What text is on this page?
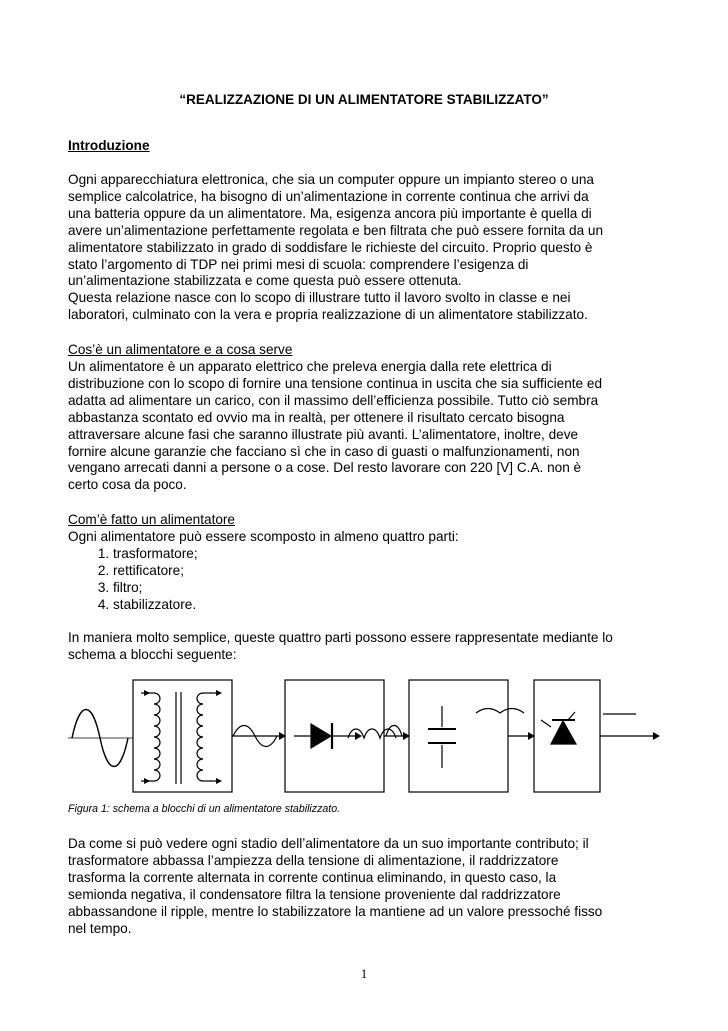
“REALIZZAZIONE DI UN ALIMENTATORE STABILIZZATO”
Introduzione

Ogni apparecchiatura elettronica, che sia un computer oppure un impianto stereo o una

semplice calcolatrice, ha bisogno di un’alimentazione in corrente continua che arrivi da

una batteria oppure da un alimentatore. Ma, esigenza ancora più importante è quella di

avere un’alimentazione perfettamente regolata e ben filtrata che può essere fornita da un

alimentatore stabilizzato in grado di soddisfare le richieste del circuito. Proprio questo è

stato l’argomento di TDP nei primi mesi di scuola: comprendere l’esigenza di

un’alimentazione stabilizzata e come questa può essere ottenuta.

Questa relazione nasce con lo scopo di illustrare tutto il lavoro svolto in classe e nei

laboratori, culminato con la vera e propria realizzazione di un alimentatore stabilizzato.

Cos’è un alimentatore e a cosa serve

Un alimentatore è un apparato elettrico che preleva energia dalla rete elettrica di

distribuzione con lo scopo di fornire una tensione continua in uscita che sia sufficiente ed

adatta ad alimentare un carico, con il massimo dell’efficienza possibile. Tutto ciò sembra

abbastanza scontato ed ovvio ma in realtà, per ottenere il risultato cercato bisogna

attraversare alcune fasi che saranno illustrate più avanti. L’alimentatore, inoltre, deve

fornire alcune garanzie che facciano sì che in caso di guasti o malfunzionamenti, non

vengano arrecati danni a persone o a cose. Del resto lavorare con 220 [V] C.A. non è

certo cosa da poco.

Com’è fatto un alimentatore

Ogni alimentatore può essere scomposto in almeno quattro parti:

1. trasformatore;
2. rettificatore;
3. filtro;
4. stabilizzatore.

In maniera molto semplice, queste quattro parti possono essere rappresentate mediante lo

schema a blocchi seguente:

Figura 1: schema a blocchi di un alimentatore stabilizzato.

Da come si può vedere ogni stadio dell’alimentatore da un suo importante contributo; il

trasformatore abbassa l’ampiezza della tensione di alimentazione, il raddrizzatore

trasforma la corrente alternata in corrente continua eliminando, in questo caso, la

semionda negativa, il condensatore filtra la tensione proveniente dal raddrizzatore

abbassandone il ripple, mentre lo stabilizzatore la mantiene ad un valore pressoché fisso

nel tempo.

1
